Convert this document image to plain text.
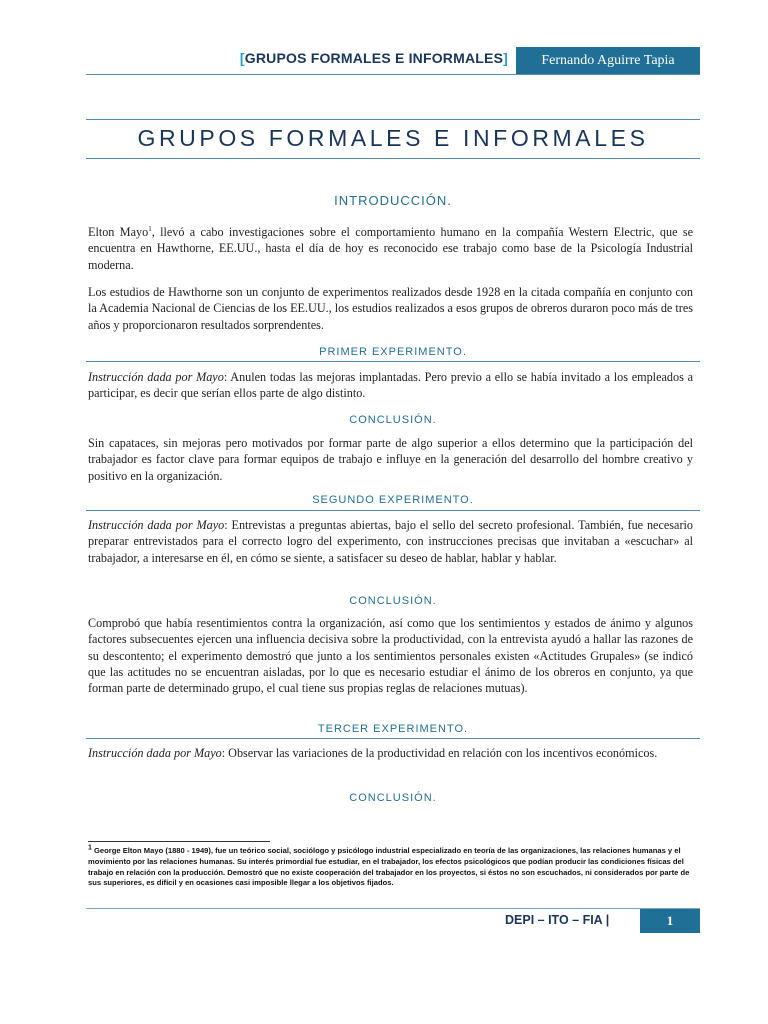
[GRUPOS FORMALES E INFORMALES]	Fernando Aguirre Tapia
GRUPOS FORMALES E INFORMALES
INTRODUCCIÓN.
Elton Mayo$^1$, llevó a cabo investigaciones sobre el comportamiento humano en la compañía Western Electric, que se encuentra en Hawthorne, EE.UU., hasta el día de hoy es reconocido ese trabajo como base de la Psicología Industrial moderna.
Los estudios de Hawthorne son un conjunto de experimentos realizados desde 1928 en la citada compañía en conjunto con la Academia Nacional de Ciencias de los EE.UU., los estudios realizados a esos grupos de obreros duraron poco más de tres años y proporcionaron resultados sorprendentes.
PRIMER EXPERIMENTO.
Instrucción dada por Mayo: Anulen todas las mejoras implantadas. Pero previo a ello se había invitado a los empleados a participar, es decir que serían ellos parte de algo distinto.
CONCLUSIÓN.
Sin capataces, sin mejoras pero motivados por formar parte de algo superior a ellos determino que la participación del trabajador es factor clave para formar equipos de trabajo e influye en la generación del desarrollo del hombre creativo y positivo en la organización.
SEGUNDO EXPERIMENTO.
Instrucción dada por Mayo: Entrevistas a preguntas abiertas, bajo el sello del secreto profesional. También, fue necesario preparar entrevistados para el correcto logro del experimento, con instrucciones precisas que invitaban a «escuchar» al trabajador, a interesarse en él, en cómo se siente, a satisfacer su deseo de hablar, hablar y hablar.
CONCLUSIÓN.
Comprobó que había resentimientos contra la organización, así como que los sentimientos y estados de ánimo y algunos factores subsecuentes ejercen una influencia decisiva sobre la productividad, con la entrevista ayudó a hallar las razones de su descontento; el experimento demostró que junto a los sentimientos personales existen «Actitudes Grupales» (se indicó que las actitudes no se encuentran aisladas, por lo que es necesario estudiar el ánimo de los obreros en conjunto, ya que forman parte de determinado grupo, el cual tiene sus propias reglas de relaciones mutuas).
TERCER EXPERIMENTO.
Instrucción dada por Mayo: Observar las variaciones de la productividad en relación con los incentivos económicos.
CONCLUSIÓN.
$^1$ George Elton Mayo (1880 - 1949), fue un teórico social, sociólogo y psicólogo industrial especializado en teoría de las organizaciones, las relaciones humanas y el movimiento por las relaciones humanas. Su interés primordial fue estudiar, en el trabajador, los efectos psicológicos que podían producir las condiciones físicas del trabajo en relación con la producción. Demostró que no existe cooperación del trabajador en los proyectos, si éstos no son escuchados, ni considerados por parte de sus superiores, es difícil y en ocasiones casi imposible llegar a los objetivos fijados.
DEPI – ITO – FIA |	1
